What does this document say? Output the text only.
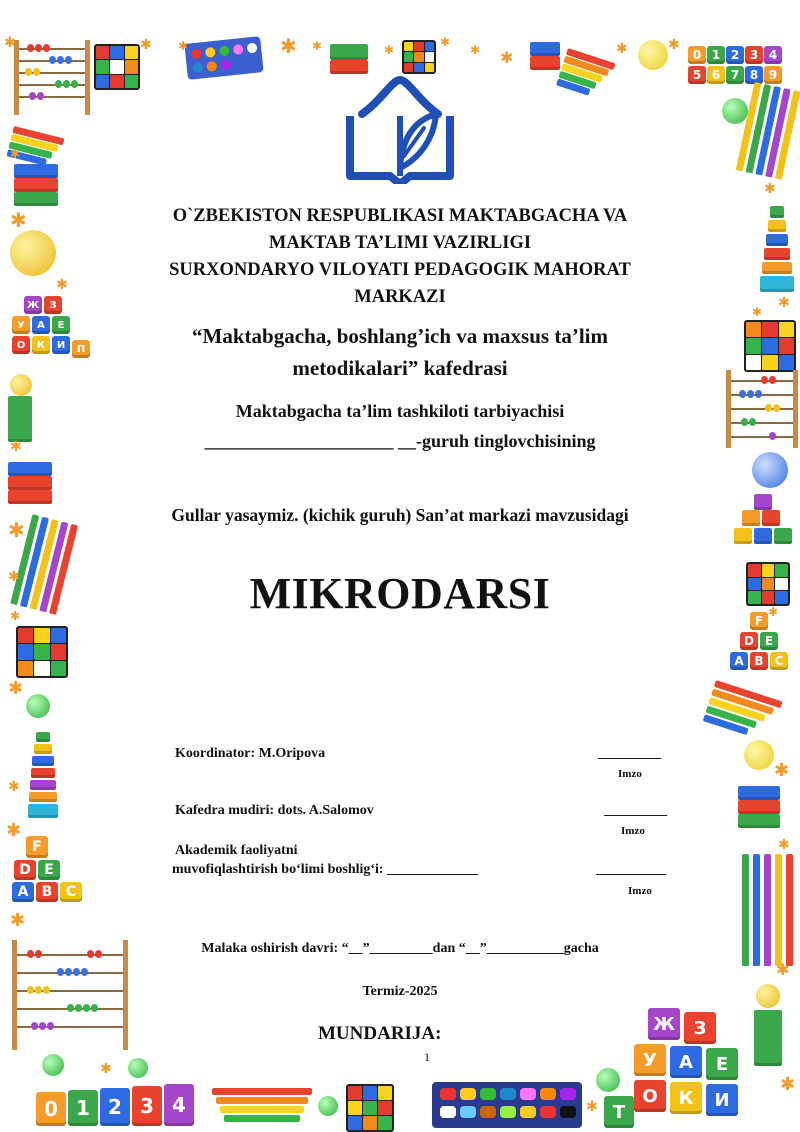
0 1 2 3 4
5 6 7 8 9
Ж	З
У	А	Е
О	К	И	П
F
D E
A B C
F
D E
A B C
0 1 2 3 4
Ж	З
У	А	Е
О	К	И
Т
✱	✱ ✱	✱ ✱	✱
✱
✱ ✱	✱	✱
✱
✱
✱
✱
✱
✱
✱
✱
✱
✱
✱
✱
✱
✱
✱
✱
✱
✱
✱
✱
✱
O`ZBEKISTON RESPUBLIKASI MAKTABGACHA VA
MAKTAB TA’LIMI VAZIRLIGI
SURXONDARYO VILOYATI PEDAGOGIK MAHORAT
MARKAZI
“Maktabgacha, boshlang’ich va maxsus ta’lim
metodikalari” kafedrasi
Maktabgacha ta’lim tashkiloti tarbiyachisi
_____________________ __-guruh tinglovchisining
Gullar yasaymiz. (kichik guruh) San’at markazi mavzusidagi
MIKRODARSI
Koordinator: M.Oripova	_________
Imzo
Kafedra mudiri: dots. A.Salomov	_________
Imzo
Akademik faoliyatni
muvofiqlashtirish bo‘limi boshlig‘i: _____________	__________
Imzo
Malaka oshirish davri: “__”_________dan “__”___________gacha
Termiz-2025
MUNDARIJA:
1
